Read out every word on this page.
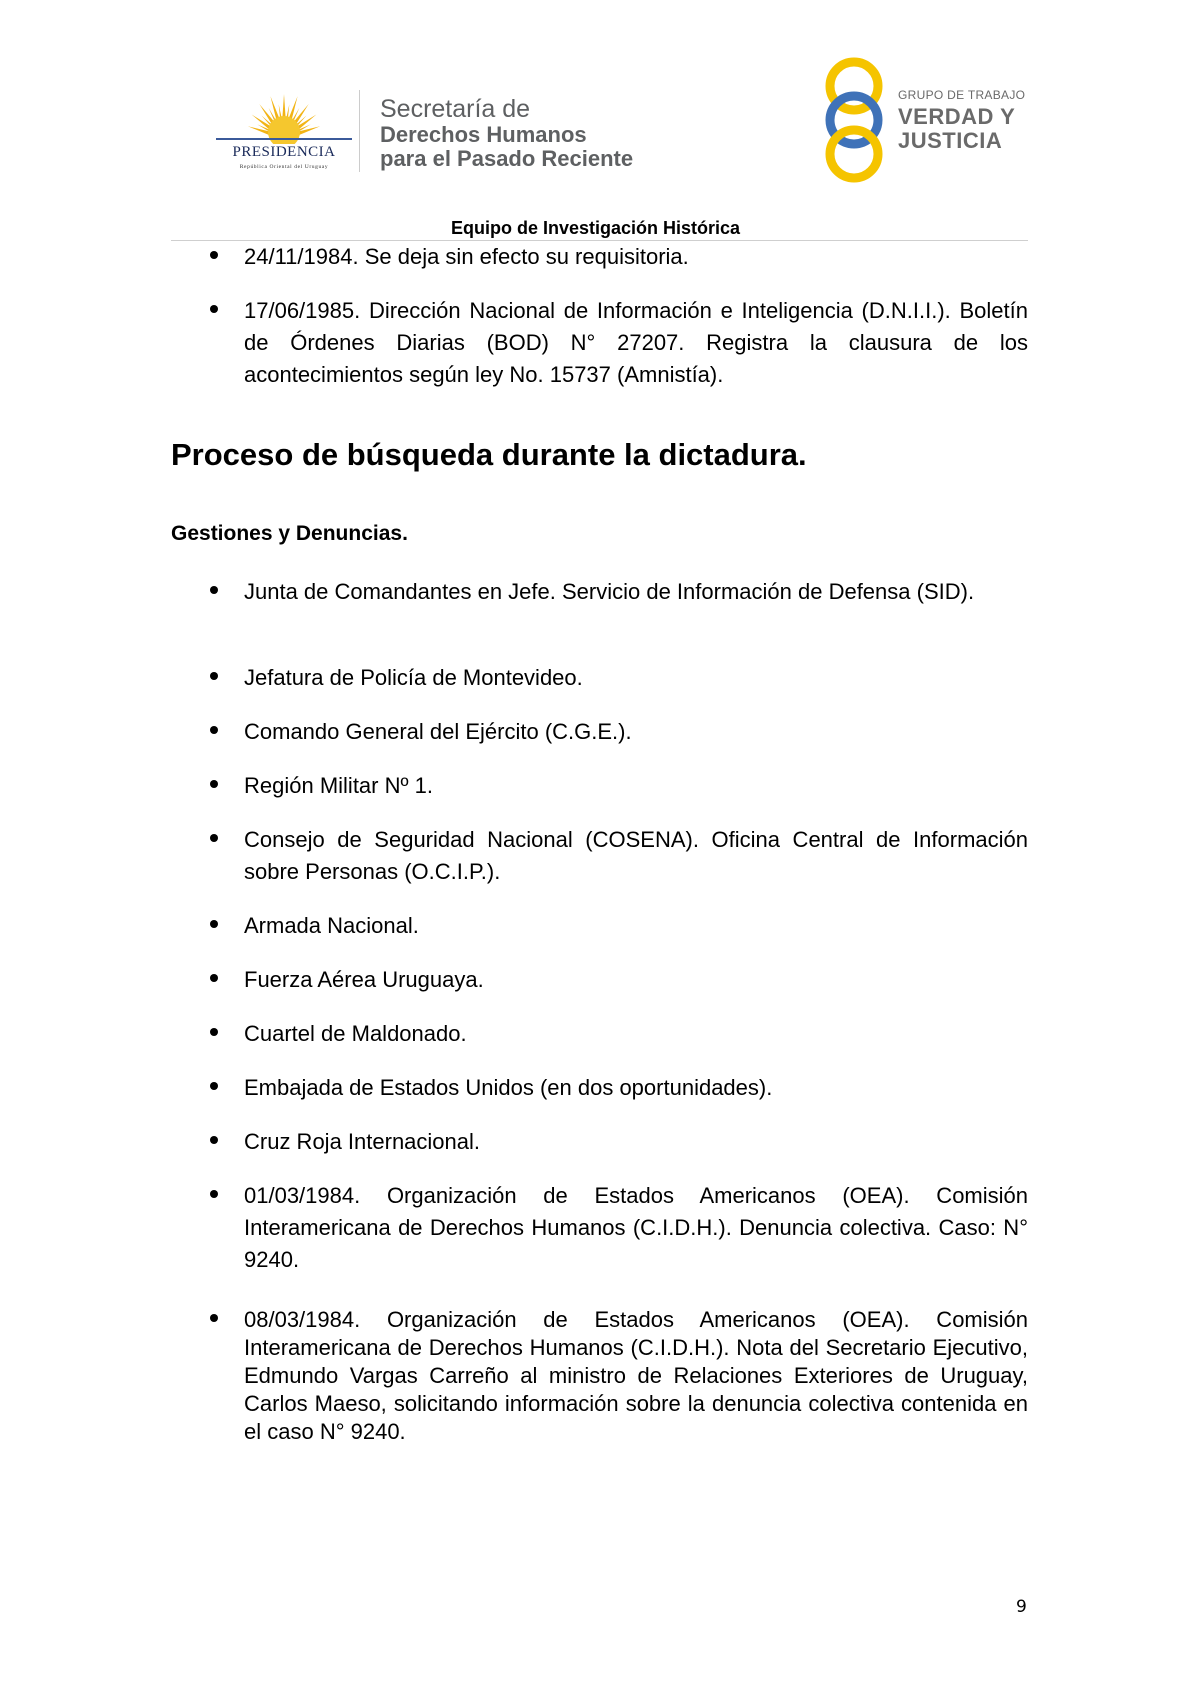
PRESIDENCIA
República Oriental del Uruguay
Secretaría de
Derechos Humanos
para el Pasado Reciente
GRUPO DE TRABAJO
VERDAD Y
JUSTICIA
Equipo de Investigación Histórica

24/11/1984. Se deja sin efecto su requisitoria.

17/06/1985. Dirección Nacional de Información e Inteligencia (D.N.I.I.). Boletín de Órdenes Diarias (BOD) N° 27207. Registra la clausura de los acontecimientos según ley No. 15737 (Amnistía).

Proceso de búsqueda durante la dictadura.
Gestiones y Denuncias.

Junta de Comandantes en Jefe. Servicio de Información de Defensa (SID).

Jefatura de Policía de Montevideo.

Comando General del Ejército (C.G.E.).

Región Militar Nº 1.

Consejo de Seguridad Nacional (COSENA). Oficina Central de Información sobre Personas (O.C.I.P.).

Armada Nacional.

Fuerza Aérea Uruguaya.

Cuartel de Maldonado.

Embajada de Estados Unidos (en dos oportunidades).

Cruz Roja Internacional.

01/03/1984. Organización de Estados Americanos (OEA). Comisión Interamericana de Derechos Humanos (C.I.D.H.). Denuncia colectiva. Caso: N° 9240.

08/03/1984. Organización de Estados Americanos (OEA). Comisión Interamericana de Derechos Humanos (C.I.D.H.). Nota del Secretario Ejecutivo, Edmundo Vargas Carreño al ministro de Relaciones Exteriores de Uruguay, Carlos Maeso, solicitando información sobre la denuncia colectiva contenida en el caso N° 9240.

9
